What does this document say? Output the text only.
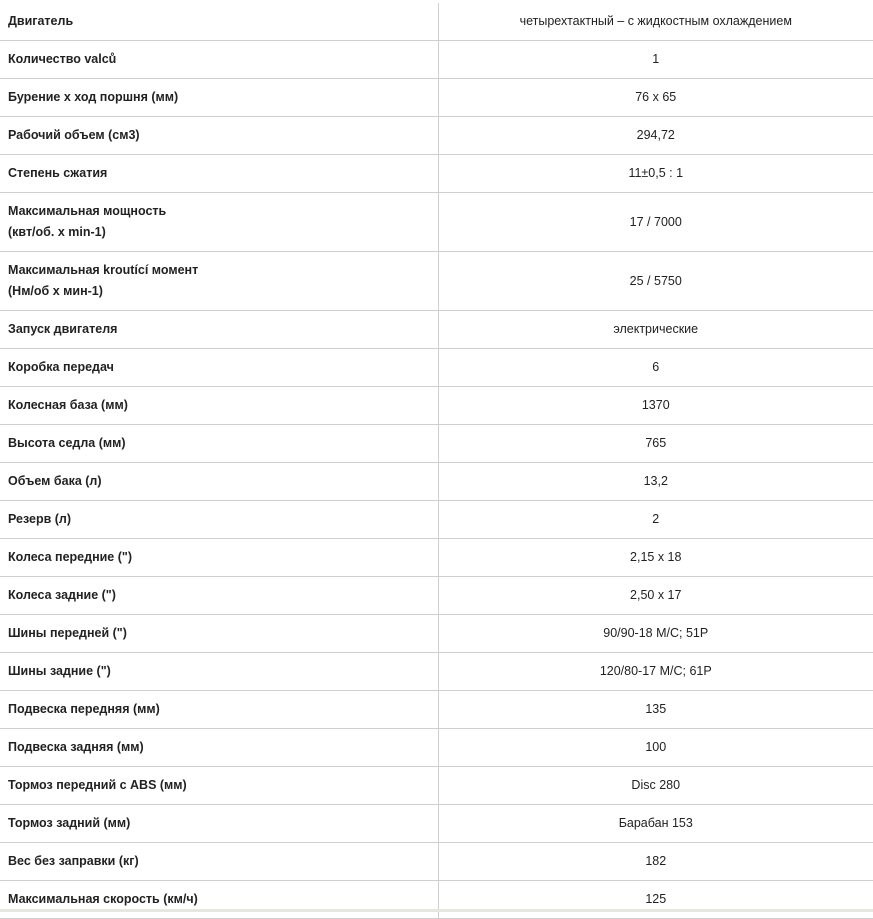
Двигатель	четырехтактный – с жидкостным охлаждением

Количество valců	1

Бурение х ход поршня (мм)	76 x 65

Рабочий объем (см3)	294,72

Степень сжатия	11±0,5 : 1

Максимальная мощность
(квт/об. х min-1)	17 / 7000

Максимальная kroutící момент
(Нм/об х мин-1)	25 / 5750

Запуск двигателя	электрические

Коробка передач	6

Колесная база (мм)	1370

Высота седла (мм)	765

Объем бака (л)	13,2

Резерв (л)	2

Колеса передние (")	2,15 x 18

Колеса задние (")	2,50 x 17

Шины передней (")	90/90-18 M/C; 51P

Шины задние (")	120/80-17 M/C; 61P

Подвеска передняя (мм)	135

Подвеска задняя (мм)	100

Тормоз передний с ABS (мм)	Disc 280

Тормоз задний (мм)	Барабан 153

Вес без заправки (кг)	182

Максимальная скорость (км/ч)	125
